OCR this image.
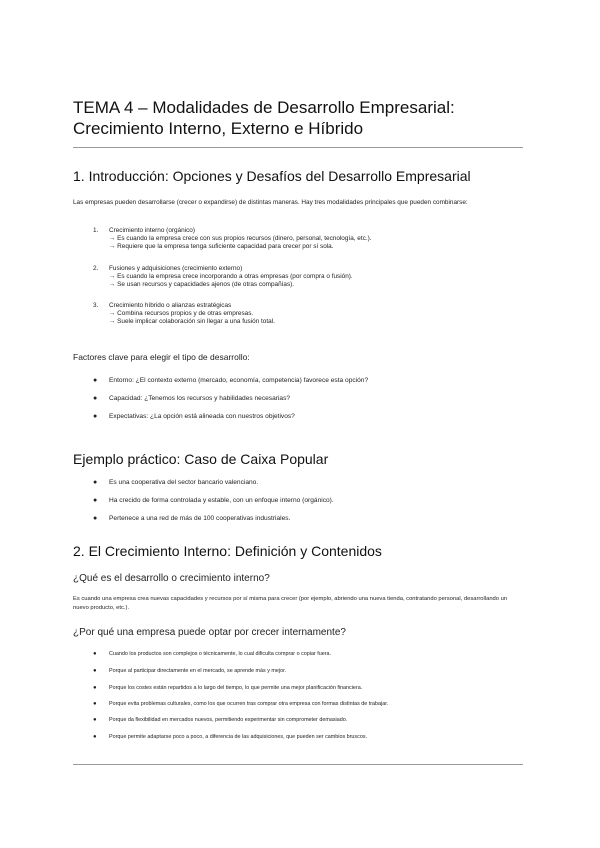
TEMA 4 – Modalidades de Desarrollo Empresarial:
Crecimiento Interno, Externo e Híbrido
1. Introducción: Opciones y Desafíos del Desarrollo Empresarial

Las empresas pueden desarrollarse (crecer o expandirse) de distintas maneras. Hay tres modalidades principales que pueden combinarse:

1. Crecimiento interno (orgánico)
→ Es cuando la empresa crece con sus propios recursos (dinero, personal, tecnología, etc.).
→ Requiere que la empresa tenga suficiente capacidad para crecer por sí sola.
2. Fusiones y adquisiciones (crecimiento externo)
→ Es cuando la empresa crece incorporando a otras empresas (por compra o fusión).
→ Se usan recursos y capacidades ajenos (de otras compañías).
3. Crecimiento híbrido o alianzas estratégicas
→ Combina recursos propios y de otras empresas.
→ Suele implicar colaboración sin llegar a una fusión total.

Factores clave para elegir el tipo de desarrollo:

● Entorno: ¿El contexto externo (mercado, economía, competencia) favorece esta opción?
● Capacidad: ¿Tenemos los recursos y habilidades necesarias?
● Expectativas: ¿La opción está alineada con nuestros objetivos?
Ejemplo práctico: Caso de Caixa Popular
● Es una cooperativa del sector bancario valenciano.
● Ha crecido de forma controlada y estable, con un enfoque interno (orgánico).
● Pertenece a una red de más de 100 cooperativas industriales.
2. El Crecimiento Interno: Definición y Contenidos
¿Qué es el desarrollo o crecimiento interno?

Es cuando una empresa crea nuevas capacidades y recursos por sí misma para crecer (por ejemplo, abriendo una nueva tienda, contratando personal, desarrollando un nuevo producto, etc.).

¿Por qué una empresa puede optar por crecer internamente?
● Cuando los productos son complejos o técnicamente, lo cual dificulta comprar o copiar fuera.
● Porque al participar directamente en el mercado, se aprende más y mejor.
● Porque los costes están repartidos a lo largo del tiempo, lo que permite una mejor planificación financiera.
● Porque evita problemas culturales, como los que ocurren tras comprar otra empresa con formas distintas de trabajar.
● Porque da flexibilidad en mercados nuevos, permitiendo experimentar sin comprometer demasiado.
● Porque permite adaptarse poco a poco, a diferencia de las adquisiciones, que pueden ser cambios bruscos.
